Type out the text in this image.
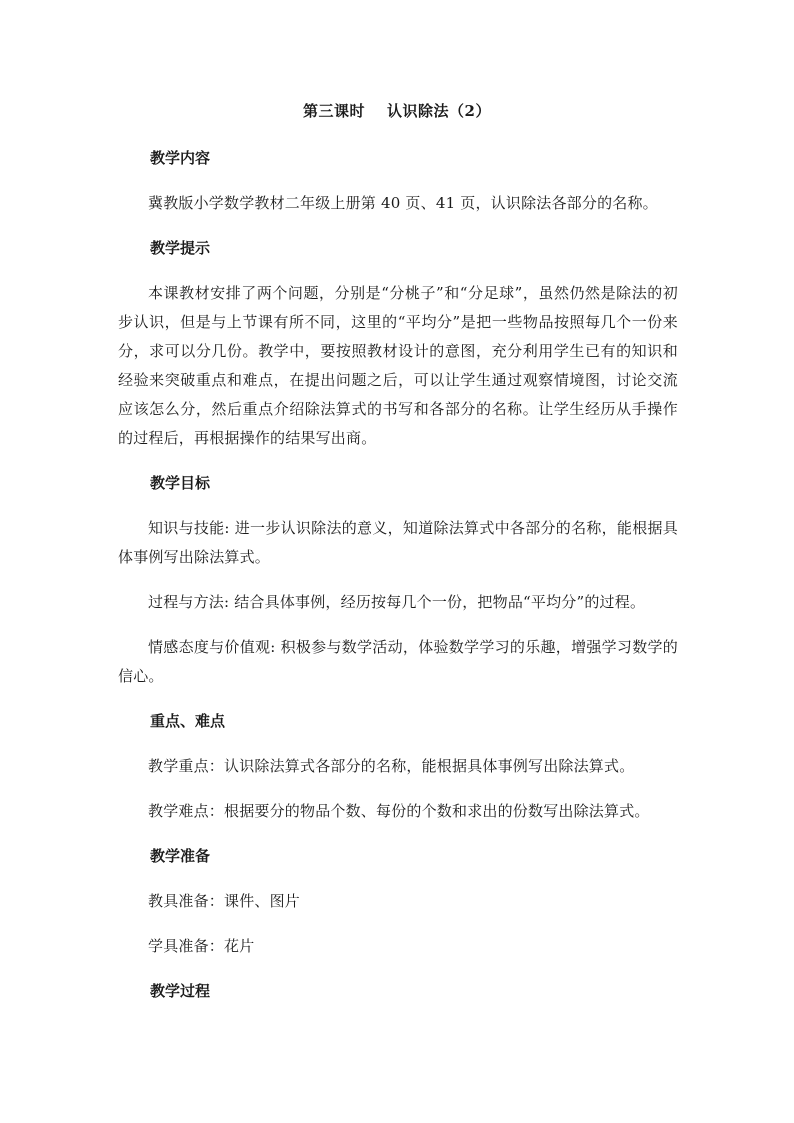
第三课时 认识除法（2）
教学内容
冀教版小学数学教材二年级上册第 40 页、41 页，认识除法各部分的名称。
教学提示
本课教材安排了两个问题，分别是“分桃子”和“分足球”，虽然仍然是除法的初步认识，但是与上节课有所不同，这里的“平均分”是把一些物品按照每几个一份来分，求可以分几份。教学中，要按照教材设计的意图，充分利用学生已有的知识和经验来突破重点和难点，在提出问题之后，可以让学生通过观察情境图，讨论交流应该怎么分，然后重点介绍除法算式的书写和各部分的名称。让学生经历从手操作的过程后，再根据操作的结果写出商。
教学目标
知识与技能: 进一步认识除法的意义，知道除法算式中各部分的名称，能根据具体事例写出除法算式。
过程与方法: 结合具体事例，经历按每几个一份，把物品“平均分”的过程。
情感态度与价值观: 积极参与数学活动，体验数学学习的乐趣，增强学习数学的信心。
重点、难点
教学重点：认识除法算式各部分的名称，能根据具体事例写出除法算式。
教学难点：根据要分的物品个数、每份的个数和求出的份数写出除法算式。
教学准备
教具准备：课件、图片
学具准备：花片
教学过程
